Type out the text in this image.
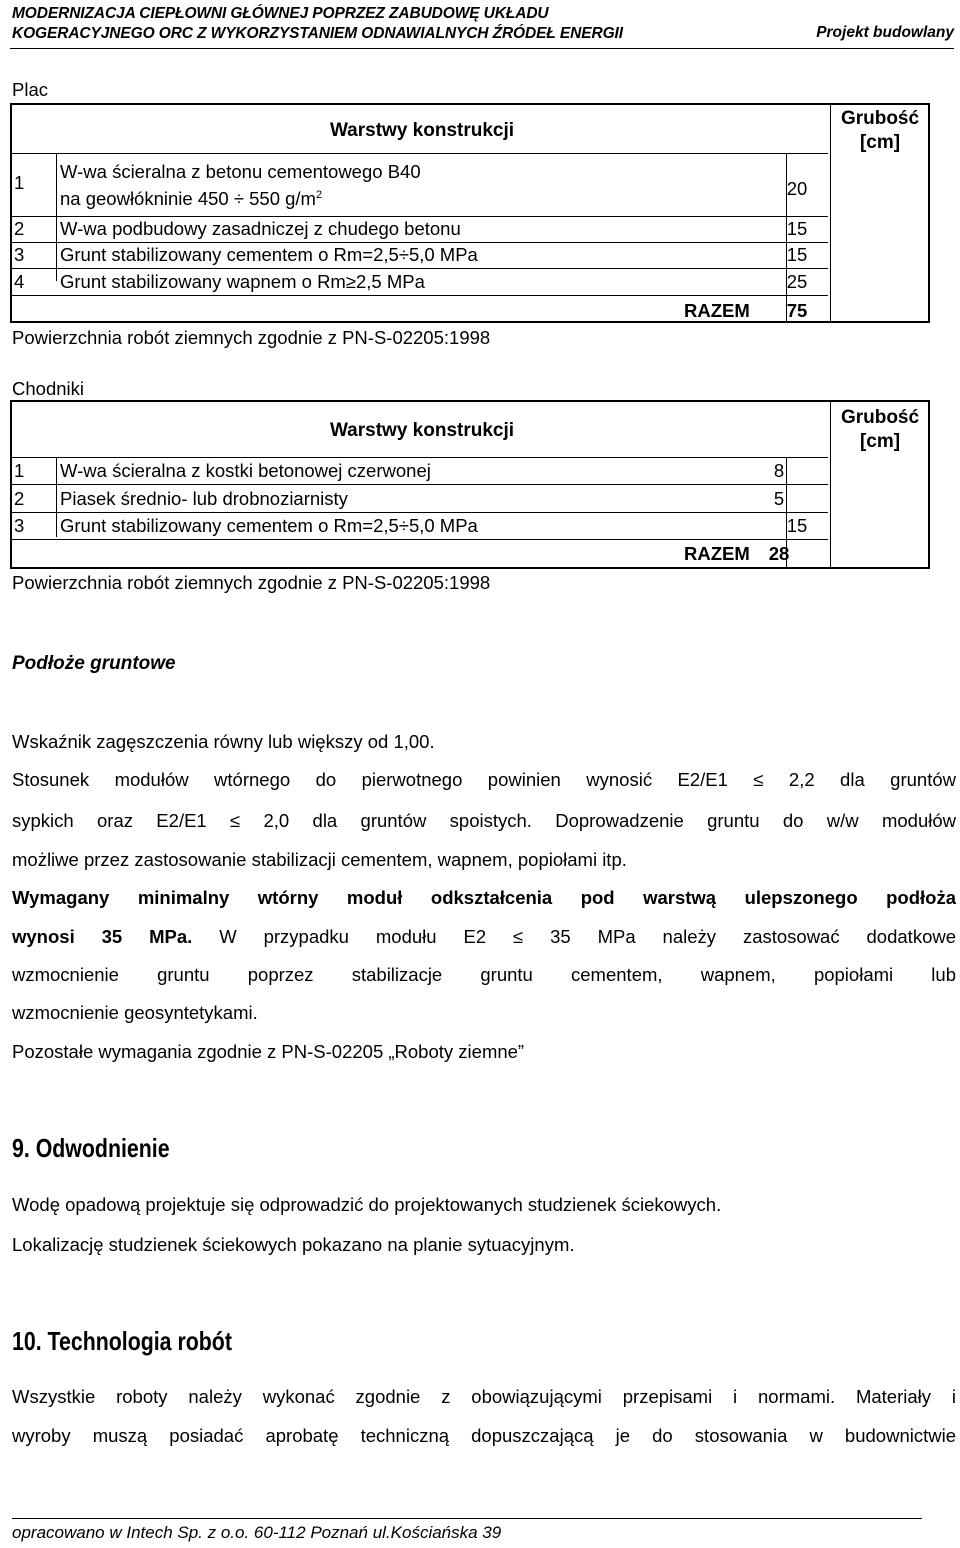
MODERNIZACJA CIEPŁOWNI GŁÓWNEJ POPRZEZ ZABUDOWĘ UKŁADU
KOGERACYJNEGO ORC Z WYKORZYSTANIEM ODNAWIALNYCH ŹRÓDEŁ ENERGII	Projekt budowlany
Plac
Warstwy konstrukcji
Grubość [cm]
1
W-wa ścieralna z betonu cementowego B40
na geowłókninie 450 ÷ 550 $g/m^2$	20
2 W-wa podbudowy zasadniczej z chudego betonu	15
3 Grunt stabilizowany cementem o Rm=2,5÷5,0 MPa	15
4 Grunt stabilizowany wapnem o Rm≥2,5 MPa	25
RAZEM	75
Powierzchnia robót ziemnych zgodnie z PN-S-02205:1998
Chodniki
Warstwy konstrukcji
Grubość [cm]
1 W-wa ścieralna z kostki betonowej czerwonej	8
2 Piasek średnio- lub drobnoziarnisty	5
3 Grunt stabilizowany cementem o Rm=2,5÷5,0 MPa	15
RAZEM	28
Powierzchnia robót ziemnych zgodnie z PN-S-02205:1998
Podłoże gruntowe
Wskaźnik zagęszczenia równy lub większy od 1,00.
Stosunek modułów wtórnego do pierwotnego powinien wynosić E2/E1 ≤ 2,2 dla gruntów
sypkich oraz E2/E1 ≤ 2,0 dla gruntów spoistych. Doprowadzenie gruntu do w/w modułów
możliwe przez zastosowanie stabilizacji cementem, wapnem, popiołami itp.
Wymagany minimalny wtórny moduł odkształcenia pod warstwą ulepszonego podłoża
wynosi 35 MPa. W przypadku modułu E2 ≤ 35 MPa należy zastosować dodatkowe
wzmocnienie gruntu poprzez stabilizacje gruntu cementem, wapnem, popiołami lub
wzmocnienie geosyntetykami.
Pozostałe wymagania zgodnie z PN-S-02205 „Roboty ziemne”
9. Odwodnienie
Wodę opadową projektuje się odprowadzić do projektowanych studzienek ściekowych.
Lokalizację studzienek ściekowych pokazano na planie sytuacyjnym.
10. Technologia robót
Wszystkie roboty należy wykonać zgodnie z obowiązującymi przepisami i normami. Materiały i
wyroby muszą posiadać aprobatę techniczną dopuszczającą je do stosowania w budownictwie
opracowano w Intech Sp. z o.o. 60-112 Poznań ul.Kościańska 39
